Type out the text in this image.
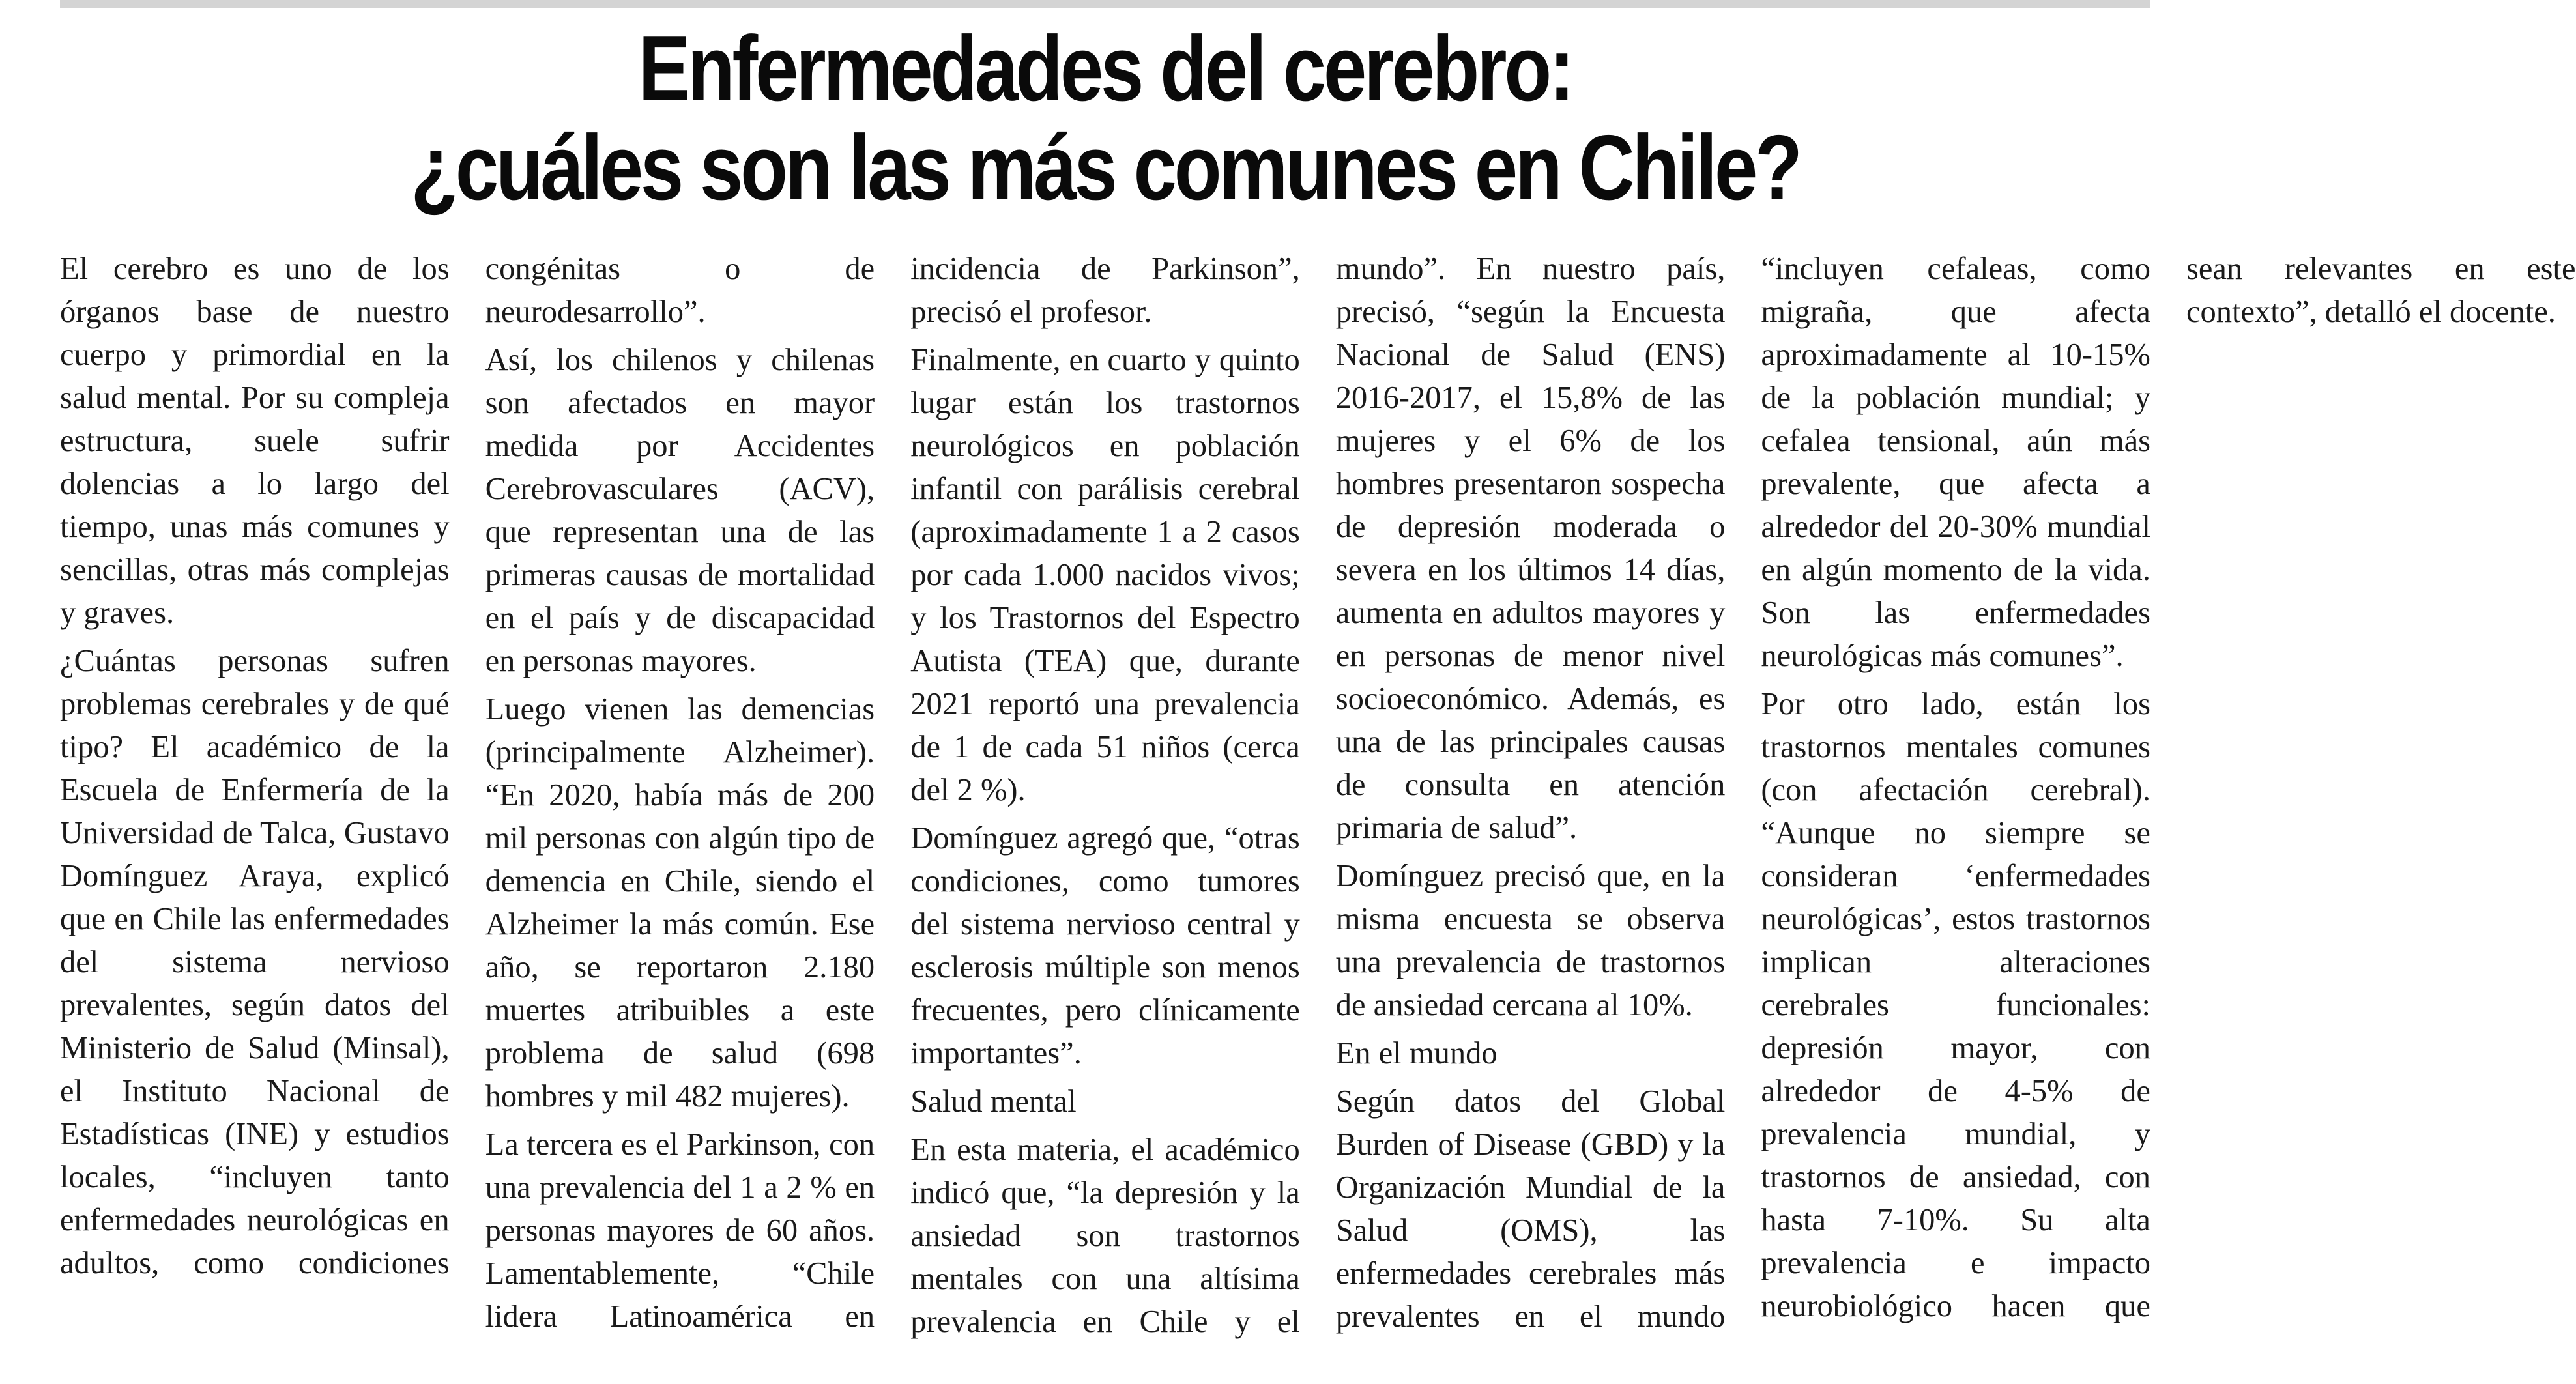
Enfermedades del cerebro:
¿cuáles son las más comunes en Chile?

El cerebro es uno de los órganos base de nuestro cuerpo y primordial en la salud mental. Por su compleja estructura, suele sufrir dolencias a lo largo del tiempo, unas más comunes y sencillas, otras más complejas y graves.

¿Cuántas personas sufren problemas cerebrales y de qué tipo? El académico de la Escuela de Enfermería de la Universidad de Talca, Gustavo Domínguez Araya, explicó que en Chile las enfermedades del sistema nervioso prevalentes, según datos del Ministerio de Salud (Minsal), el Instituto Nacional de Estadísticas (INE) y estudios locales, “incluyen tanto enfermedades neurológicas en adultos, como condiciones congénitas o de neurodesarrollo”.

Así, los chilenos y chilenas son afectados en mayor medida por Accidentes Cerebrovasculares (ACV), que representan una de las primeras causas de mortalidad en el país y de discapacidad en personas mayores.

Luego vienen las demencias (principalmente Alzheimer). “En 2020, había más de 200 mil personas con algún tipo de demencia en Chile, siendo el Alzheimer la más común. Ese año, se reportaron 2.180 muertes atribuibles a este problema de salud (698 hombres y mil 482 mujeres).

La tercera es el Parkinson, con una prevalencia del 1 a 2 % en personas mayores de 60 años. Lamentablemente, “Chile lidera Latinoamérica en incidencia de Parkinson”, precisó el profesor.

Finalmente, en cuarto y quinto lugar están los trastornos neurológicos en población infantil con parálisis cerebral (aproximadamente 1 a 2 casos por cada 1.000 nacidos vivos; y los Trastornos del Espectro Autista (TEA) que, durante 2021 reportó una prevalencia de 1 de cada 51 niños (cerca del 2 %).

Domínguez agregó que, “otras condiciones, como tumores del sistema nervioso central y esclerosis múltiple son menos frecuentes, pero clínicamente importantes”.

Salud mental

En esta materia, el académico indicó que, “la depresión y la ansiedad son trastornos mentales con una altísima prevalencia en Chile y el mundo”. En nuestro país, precisó, “según la Encuesta Nacional de Salud (ENS) 2016-2017, el 15,8% de las mujeres y el 6% de los hombres presentaron sospecha de depresión moderada o severa en los últimos 14 días, aumenta en adultos mayores y en personas de menor nivel socioeconómico. Además, es una de las principales causas de consulta en atención primaria de salud”.

Domínguez precisó que, en la misma encuesta se observa una prevalencia de trastornos de ansiedad cercana al 10%.

En el mundo

Según datos del Global Burden of Disease (GBD) y la Organización Mundial de la Salud (OMS), las enfermedades cerebrales más prevalentes en el mundo “incluyen cefaleas, como migraña, que afecta aproximadamente al 10-15% de la población mundial; y cefalea tensional, aún más prevalente, que afecta a alrededor del 20-30% mundial en algún momento de la vida. Son las enfermedades neurológicas más comunes”.

Por otro lado, están los trastornos mentales comunes (con afectación cerebral). “Aunque no siempre se consideran ‘enfermedades neurológicas’, estos trastornos implican alteraciones cerebrales funcionales: depresión mayor, con alrededor de 4-5% de prevalencia mundial, y trastornos de ansiedad, con hasta 7-10%. Su alta prevalencia e impacto neurobiológico hacen que sean relevantes en este contexto”, detalló el docente.
